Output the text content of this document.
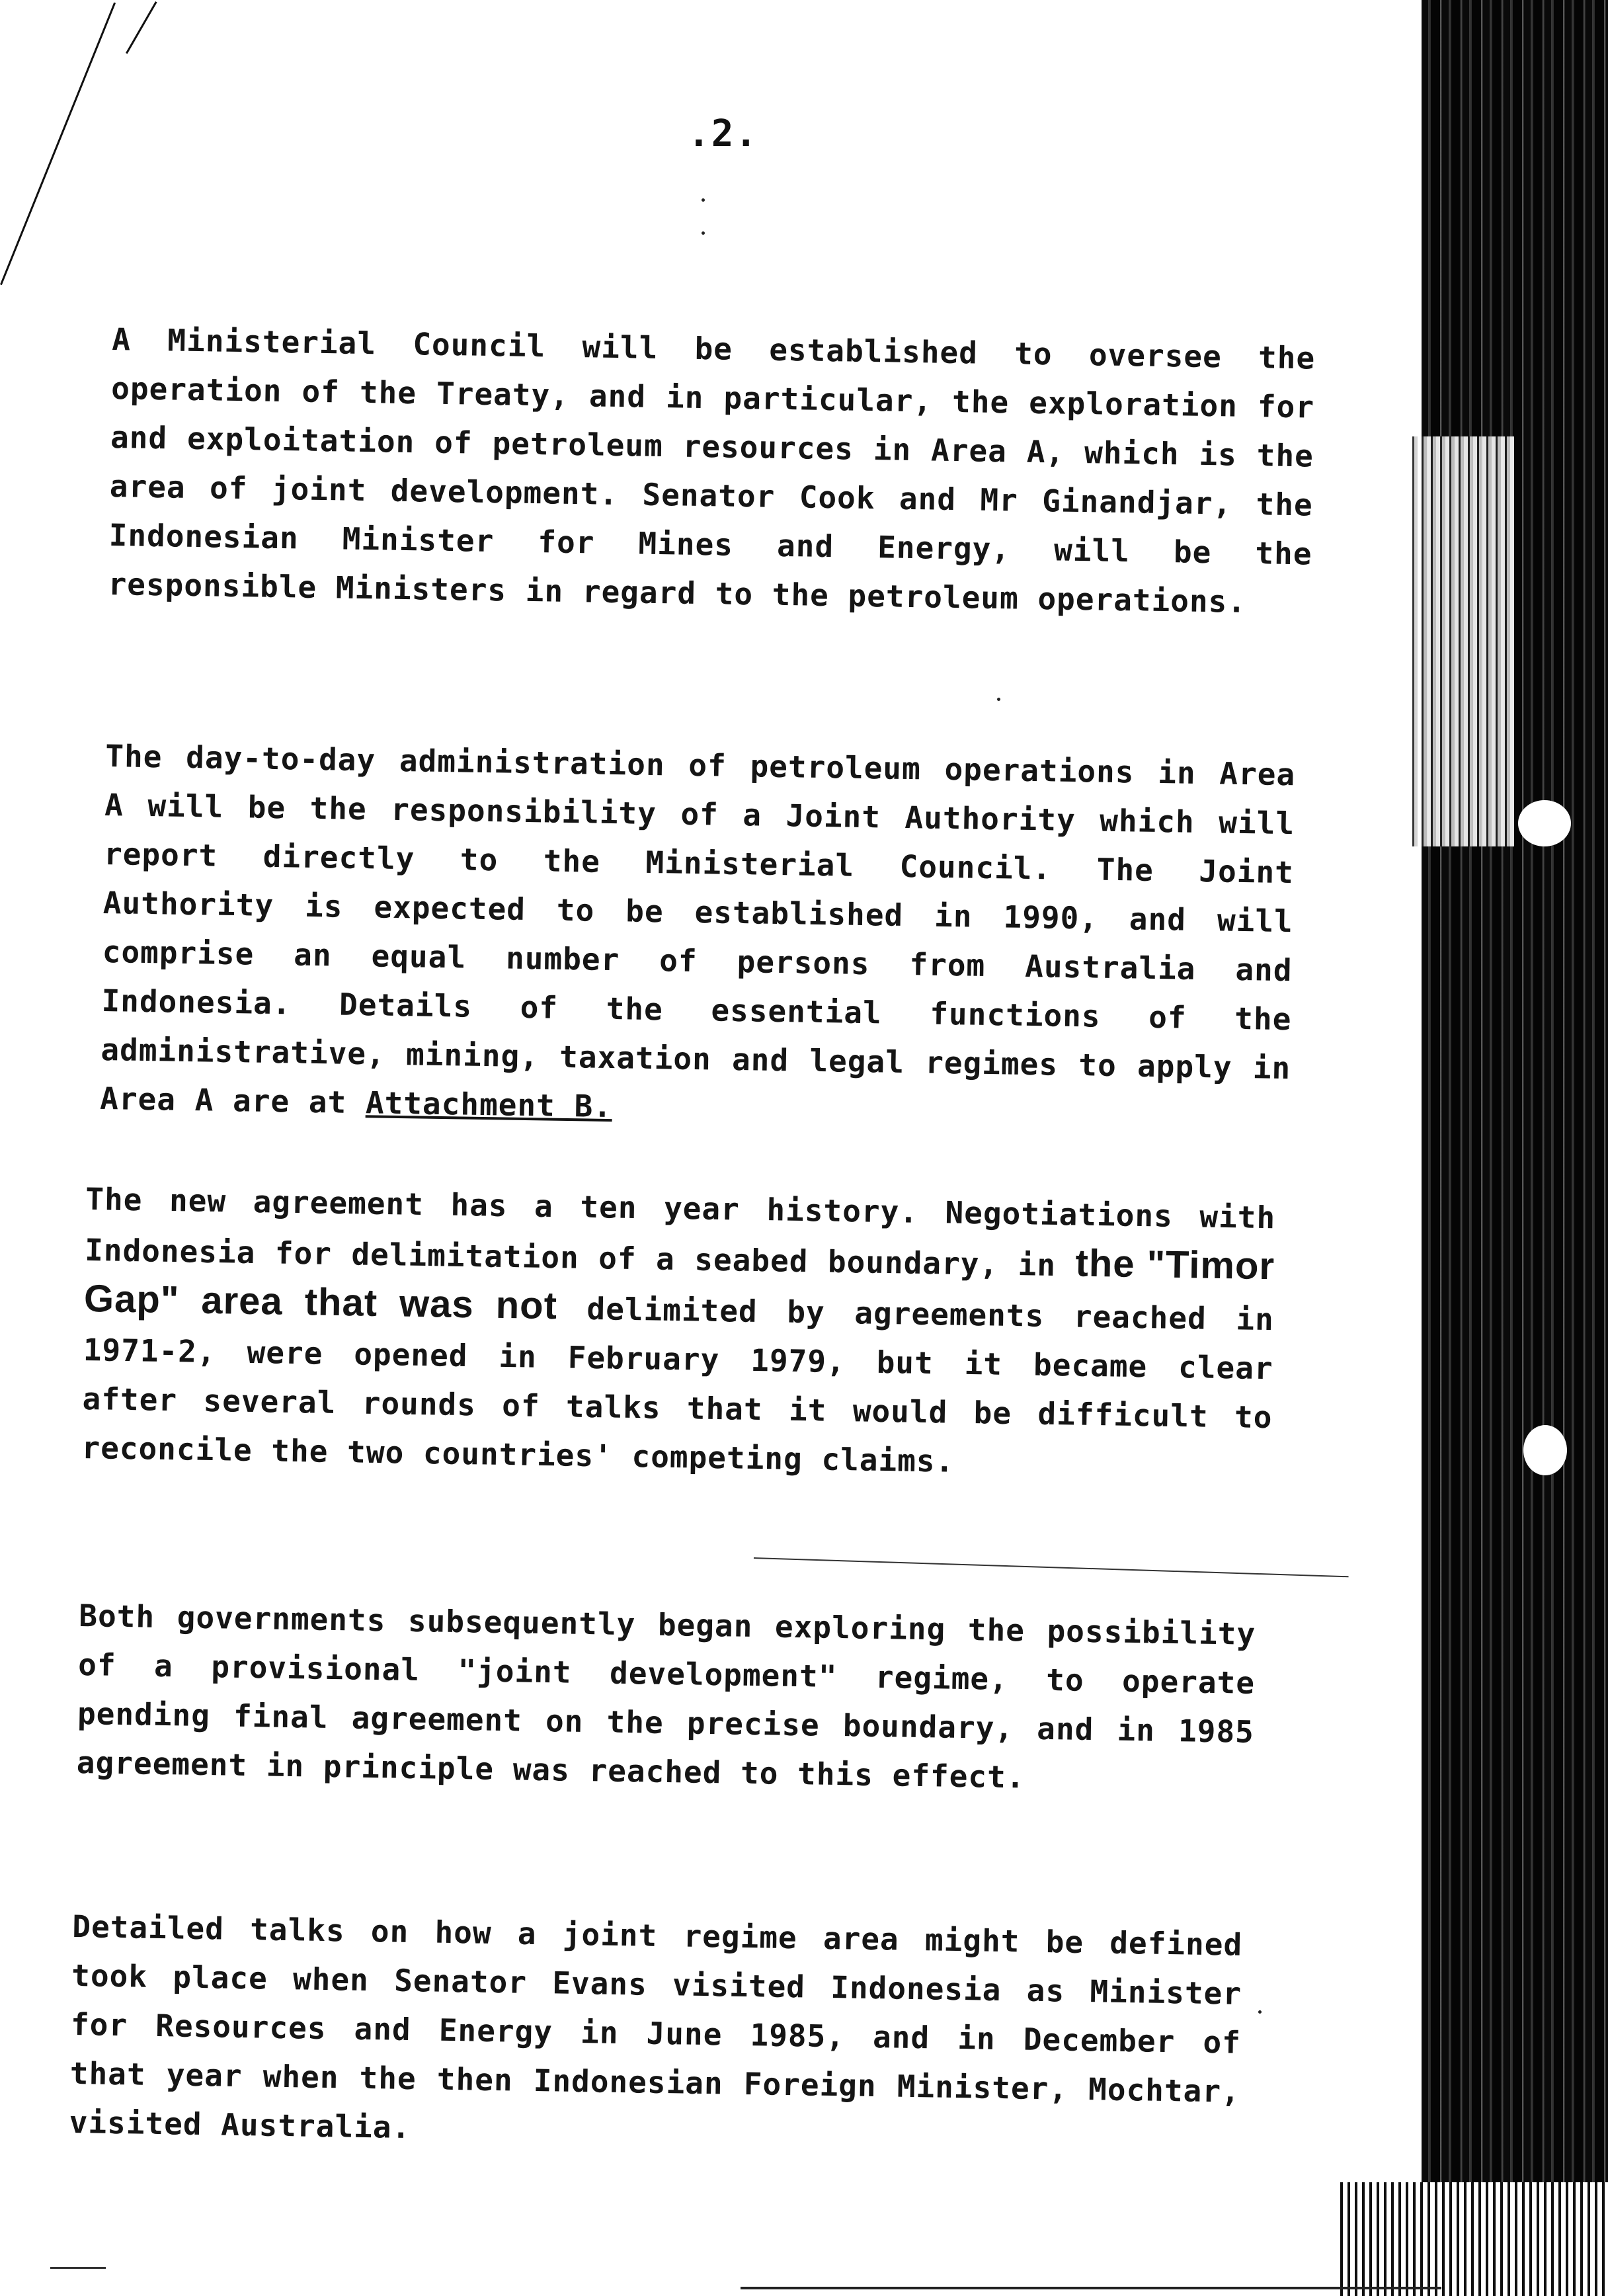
.2.

A Ministerial Council will be established to oversee the operation of the Treaty, and in particular, the exploration for and exploitation of petroleum resources in Area A, which is the area of joint development. Senator Cook and Mr Ginandjar, the Indonesian Minister for Mines and Energy, will be the responsible Ministers in regard to the petroleum operations.

The day-to-day administration of petroleum operations in Area A will be the responsibility of a Joint Authority which will report directly to the Ministerial Council. The Joint Authority is expected to be established in 1990, and will comprise an equal number of persons from Australia and Indonesia. Details of the essential functions of the administrative, mining, taxation and legal regimes to apply in Area A are at Attachment B.

The new agreement has a ten year history. Negotiations with Indonesia for delimitation of a seabed boundary, in the "Timor Gap" area that was not delimited by agreements reached in 1971-2, were opened in February 1979, but it became clear after several rounds of talks that it would be difficult to reconcile the two countries' competing claims.

Both governments subsequently began exploring the possibility of a provisional "joint development" regime, to operate pending final agreement on the precise boundary, and in 1985 agreement in principle was reached to this effect.

Detailed talks on how a joint regime area might be defined took place when Senator Evans visited Indonesia as Minister for Resources and Energy in June 1985, and in December of that year when the then Indonesian Foreign Minister, Mochtar, visited Australia.
